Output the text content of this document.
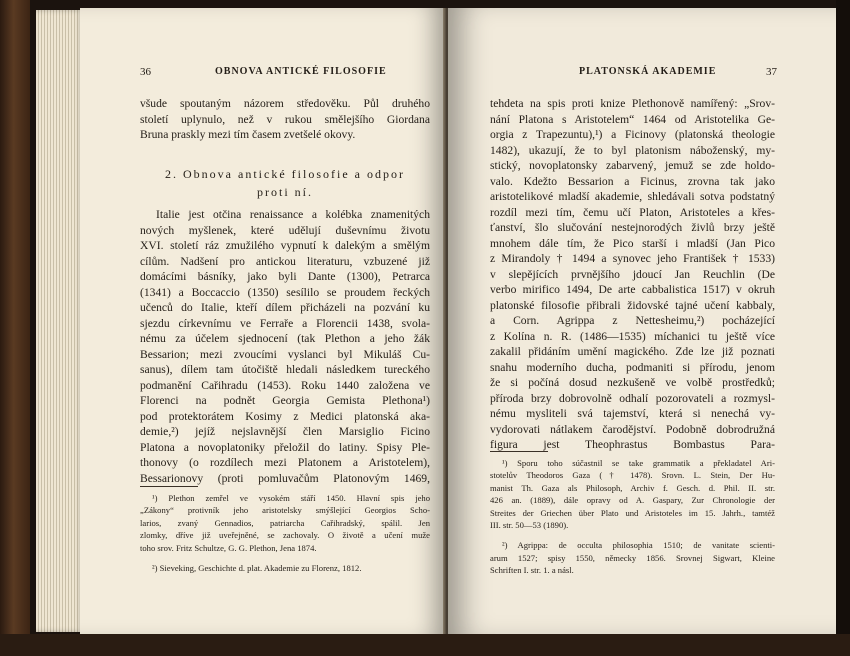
36	OBNOVA ANTICKÉ FILOSOFIE
všude spoutaným názorem středověku. Půl druhého
století uplynulo, než v rukou smělejšího Giordana
Bruna praskly mezi tím časem zvetšelé okovy.
2. Obnova antické filosofie a odpor
proti ní.
Italie jest otčina renaissance a kolébka znamenitých
nových myšlenek, které udělují duševnímu životu
XVI. století ráz zmužilého vypnutí k dalekým a smělým
cílům. Nadšení pro antickou literaturu, vzbuzené již
domácími básníky, jako byli Dante (1300), Petrarca
(1341) a Boccaccio (1350) sesílilo se proudem řeckých
učenců do Italie, kteří dílem přicházeli na pozvání ku
sjezdu církevnímu ve Ferraře a Florencii 1438, svola-
nému za účelem sjednocení (tak Plethon a jeho žák
Bessarion; mezi zvoucími vyslanci byl Mikuláš Cu-
sanus), dílem tam útočiště hledali následkem tureckého
podmanění Cařihradu (1453). Roku 1440 založena ve
Florenci na podnět Georgia Gemista Plethona¹)
pod protektorátem Kosimy z Medici platonská aka-
demie,²) jejíž nejslavnější člen Marsiglio Ficino
Platona a novoplatoniky přeložil do latiny. Spisy Ple-
thonovy (o rozdílech mezi Platonem a Aristotelem),
Bessarionovy (proti pomluvačům Platonovým 1469,
¹) Plethon zemřel ve vysokém stáří 1450. Hlavní spis jeho
„Zákony“ protivník jeho aristotelsky smýšlející Georgios Scho-
larios, zvaný Gennadios, patriarcha Cařihradský, spálil. Jen
zlomky, dříve již uveřejněné, se zachovaly. O životě a učení muže
toho srov. Fritz Schultze, G. G. Plethon, Jena 1874.
²) Sieveking, Geschichte d. plat. Akademie zu Florenz, 1812.
PLATONSKÁ AKADEMIE	37
tehdeta na spis proti knize Plethonově namířený: „Srov-
nání Platona s Aristotelem“ 1464 od Aristotelika Ge-
orgia z Trapezuntu),¹) a Ficinovy (platonská theologie
1482), ukazují, že to byl platonism náboženský, my-
stický, novoplatonsky zabarvený, jemuž se zde holdo-
valo. Kdežto Bessarion a Ficinus, zrovna tak jako
aristotelikové mladší akademie, shledávali sotva podstatný
rozdíl mezi tím, čemu učí Platon, Aristoteles a křes-
ťanství, šlo slučování nestejnorodých živlů brzy ještě
mnohem dále tím, že Pico starší i mladší (Jan Pico
z Mirandoly † 1494 a synovec jeho František † 1533)
v slepějících prvnějšího jdoucí Jan Reuchlin (De
verbo mirifico 1494, De arte cabbalistica 1517) v okruh
platonské filosofie přibrali židovské tajné učení kabbaly,
a Corn. Agrippa z Nettesheimu,²) pocházející
z Kolína n. R. (1486—1535) míchanici tu ještě více
zakalil přidáním umění magického. Zde lze již poznati
snahu moderního ducha, podmaniti si přírodu, jenom
že si počíná dosud nezkušeně ve volbě prostředků;
příroda brzy dobrovolně odhalí pozorovateli a rozmysl-
nému mysliteli svá tajemství, která si nenechá vy-
vydorovati nátlakem čarodějství. Podobně dobrodružná
figura jest Theophrastus Bombastus Para-
¹) Sporu toho súčastnil se take grammatik a překladatel Ari-
stotelův Theodoros Gaza († 1478). Srovn. L. Stein, Der Hu-
manist Th. Gaza als Philosoph, Archiv f. Gesch. d. Phil. II. str.
426 an. (1889), dále opravy od A. Gaspary, Zur Chronologie der
Streites der Griechen über Plato und Aristoteles im 15. Jahrh., tamtéž
III. str. 50—53 (1890).
²) Agrippa: de occulta philosophia 1510; de vanitate scienti-
arum 1527; spisy 1550, německy 1856. Srovnej Sigwart, Kleine
Schriften I. str. 1. a násl.
